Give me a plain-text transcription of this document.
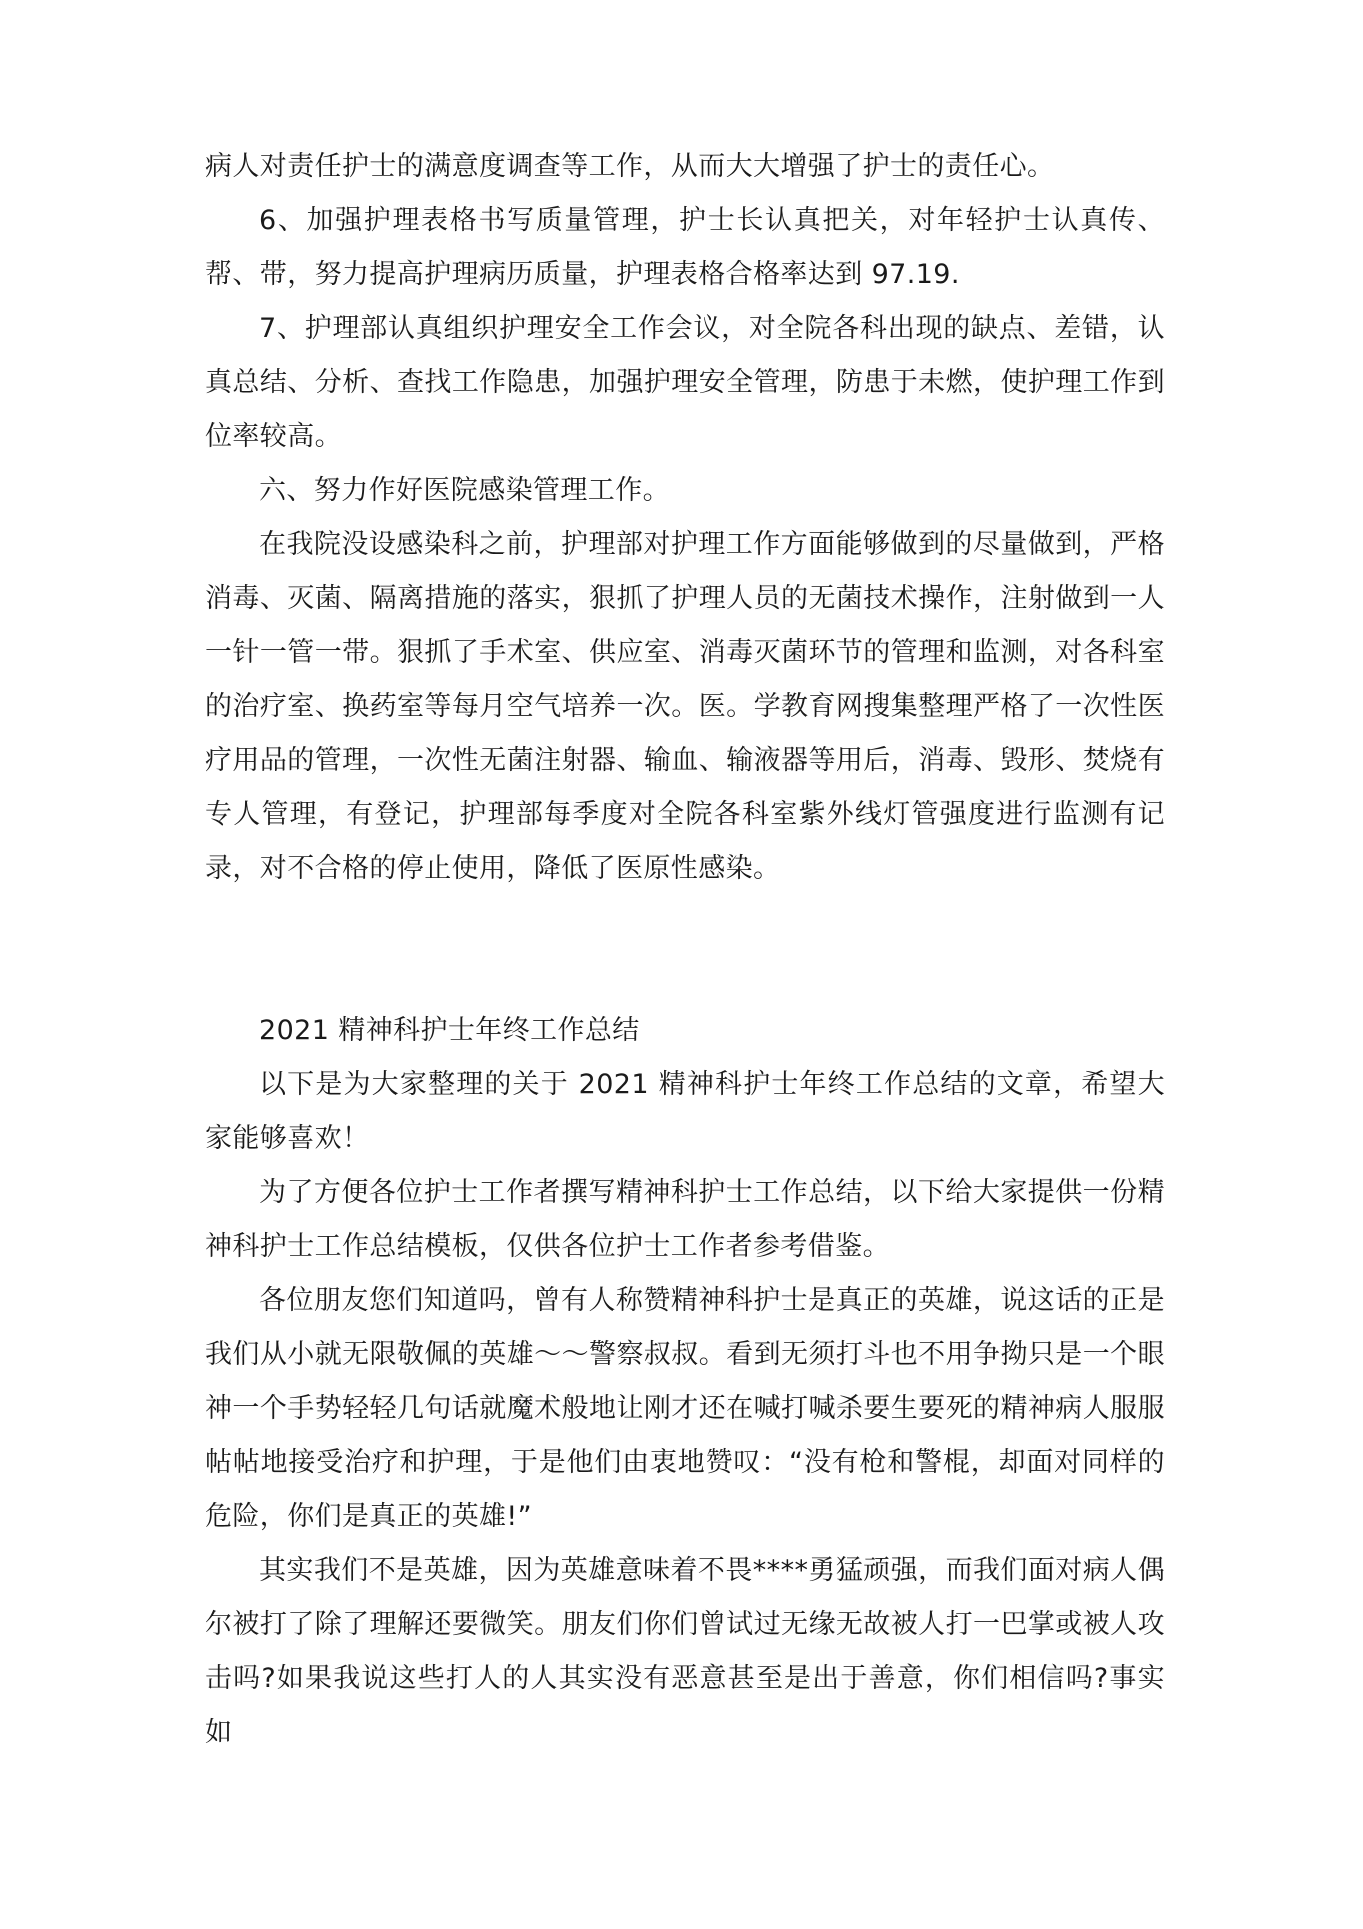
病人对责任护士的满意度调查等工作，从而大大增强了护士的责任心。

6、加强护理表格书写质量管理，护士长认真把关，对年轻护士认真传、帮、带，努力提高护理病历质量，护理表格合格率达到 97.19.

7、护理部认真组织护理安全工作会议，对全院各科出现的缺点、差错，认真总结、分析、查找工作隐患，加强护理安全管理，防患于未燃，使护理工作到位率较高。

六、努力作好医院感染管理工作。

在我院没设感染科之前，护理部对护理工作方面能够做到的尽量做到，严格消毒、灭菌、隔离措施的落实，狠抓了护理人员的无菌技术操作，注射做到一人一针一管一带。狠抓了手术室、供应室、消毒灭菌环节的管理和监测，对各科室的治疗室、换药室等每月空气培养一次。医。学教育网搜集整理严格了一次性医疗用品的管理，一次性无菌注射器、输血、输液器等用后，消毒、毁形、焚烧有专人管理，有登记，护理部每季度对全院各科室紫外线灯管强度进行监测有记录，对不合格的停止使用，降低了医原性感染。

2021 精神科护士年终工作总结

以下是为大家整理的关于 2021 精神科护士年终工作总结的文章，希望大家能够喜欢！

为了方便各位护士工作者撰写精神科护士工作总结，以下给大家提供一份精神科护士工作总结模板，仅供各位护士工作者参考借鉴。

各位朋友您们知道吗，曾有人称赞精神科护士是真正的英雄，说这话的正是我们从小就无限敬佩的英雄～～警察叔叔。看到无须打斗也不用争拗只是一个眼神一个手势轻轻几句话就魔术般地让刚才还在喊打喊杀要生要死的精神病人服服帖帖地接受治疗和护理，于是他们由衷地赞叹：“没有枪和警棍，却面对同样的危险，你们是真正的英雄!”

其实我们不是英雄，因为英雄意味着不畏****勇猛顽强，而我们面对病人偶尔被打了除了理解还要微笑。朋友们你们曾试过无缘无故被人打一巴掌或被人攻击吗?如果我说这些打人的人其实没有恶意甚至是出于善意，你们相信吗?事实如
